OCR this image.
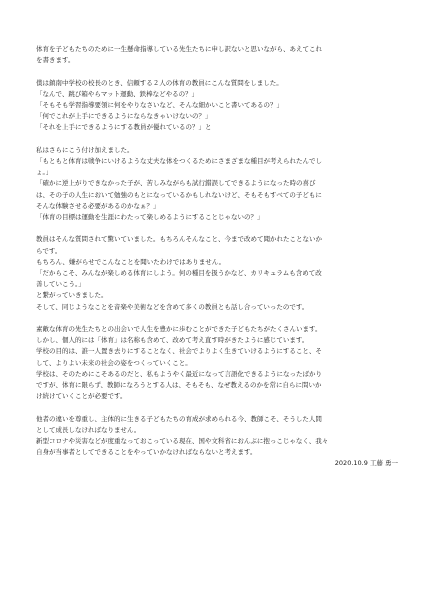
体育を子どもたちのために一生懸命指導している先生たちに申し訳ないと思いながら、あえてこれ
を書きます。
僕は鎮南中学校の校長のとき、信頼する２人の体育の教員にこんな質問をしました。
「なんで、跳び箱やらマット運動、鉄棒などやるの？」
「そもそも学習指導要領に何をやりなさいなど、そんな細かいこと書いてあるの？」
「何でこれが上手にできるようにならなきゃいけないの？」
「それを上手にできるようにする教員が優れているの？」と
私はさらにこう付け加えました。
「もともと体育は戦争にいけるような丈夫な体をつくるためにさまざまな種目が考えられたんでし
ょ。」
「確かに逆上がりできなかった子が、苦しみながらも試行錯誤してできるようになった時の喜び
は、その子の人生において勉強のもとになっているかもしれないけど、そもそもすべての子どもに
そんな体験させる必要があるのかなぁ？」
「体育の目標は運動を生涯にわたって楽しめるようにすることじゃないの？」
教員はそんな質問されて驚いていました。もちろんそんなこと、今まで改めて聞かれたことないか
らです。
もちろん、嫌がらせでこんなことを聞いたわけではありません。
「だからこそ、みんなが楽しめる体育にしよう。何の種目を扱うかなど、カリキュラムも含めて改
善していこう。」
と繋がっていきました。
そして、同じようなことを音楽や美術などを含めて多くの教員とも話し合っていったのです。
素敵な体育の先生たちとの出会いで人生を豊かに歩むことができた子どもたちがたくさんいます。
しかし、個人的には「体育」は名称も含めて、改めて考え直す時がきたように感じています。
学校の目的は、誰一人置き去りにすることなく、社会でよりよく生きていけるようにすること、そ
して、よりよい未来の社会の姿をつくっていくこと。
学校は、そのためにこそあるのだと、私もようやく最近になって言語化できるようになったばかり
ですが、体育に限らず、教師になろうとする人は、そもそも、なぜ教えるのかを常に自らに問いか
け続けていくことが必要です。
他者の違いを尊重し、主体的に生きる子どもたちの育成が求められる今、教師こそ、そうした人間
として成長しなければなりません。
新型コロナや災害などが度重なっておこっている現在、国や文科省におんぶに抱っこじゃなく、我々
自身が当事者としてできることをやっていかなければならないと考えます。
2020.10.9 工藤 勇一
